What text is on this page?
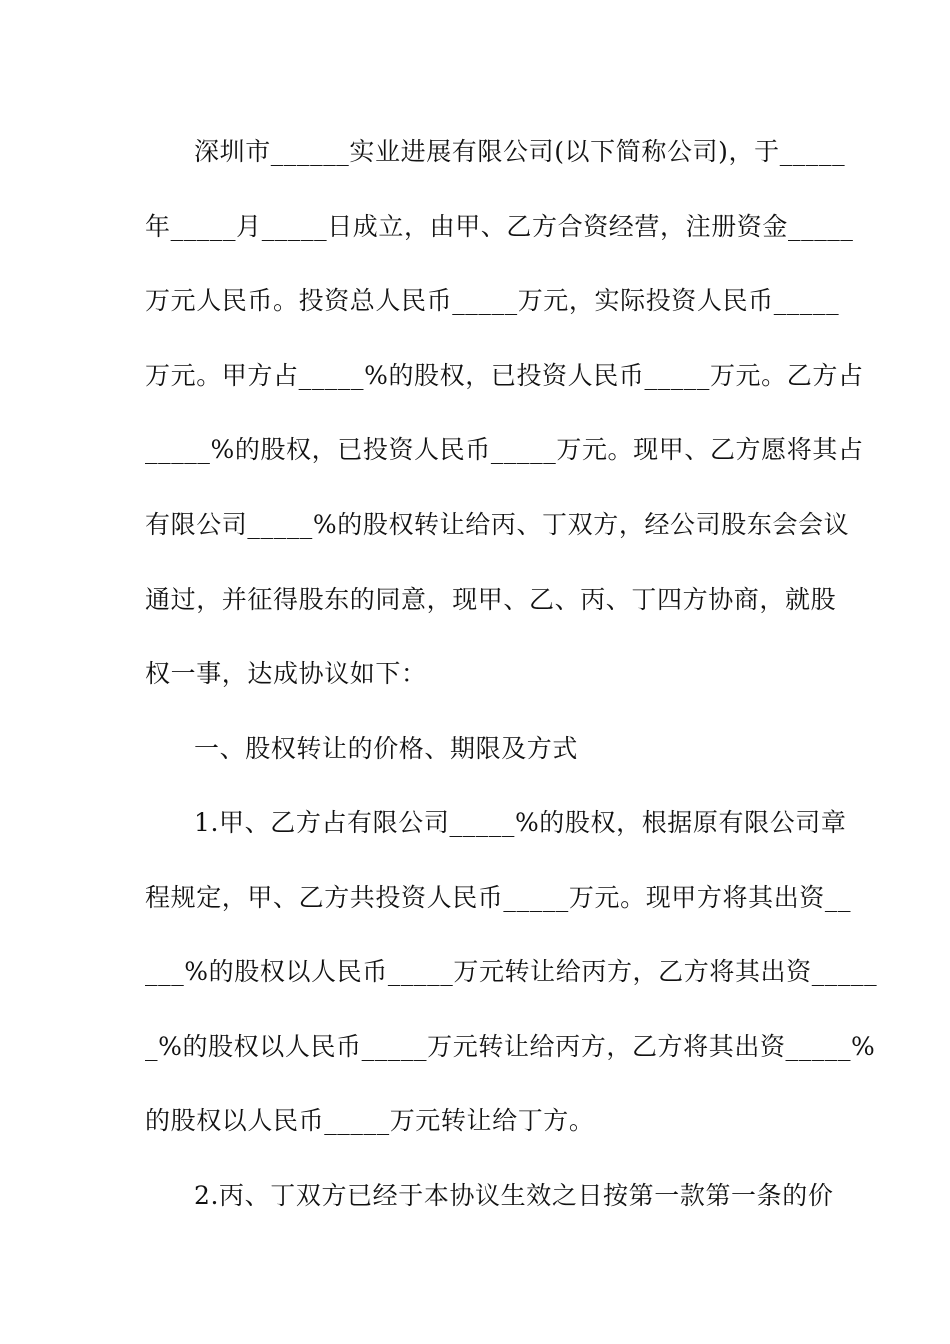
深圳市______实业进展有限公司(以下简称公司)，于_____
年_____月_____日成立，由甲、乙方合资经营，注册资金_____
万元人民币。投资总人民币_____万元，实际投资人民币_____
万元。甲方占_____%的股权，已投资人民币_____万元。乙方占
_____%的股权，已投资人民币_____万元。现甲、乙方愿将其占
有限公司_____%的股权转让给丙、丁双方，经公司股东会会议
通过，并征得股东的同意，现甲、乙、丙、丁四方协商，就股
权一事，达成协议如下：
一、股权转让的价格、期限及方式
1.甲、乙方占有限公司_____%的股权，根据原有限公司章
程规定，甲、乙方共投资人民币_____万元。现甲方将其出资__
___%的股权以人民币_____万元转让给丙方，乙方将其出资_____
_%的股权以人民币_____万元转让给丙方，乙方将其出资_____%
的股权以人民币_____万元转让给丁方。
2.丙、丁双方已经于本协议生效之日按第一款第一条的价
